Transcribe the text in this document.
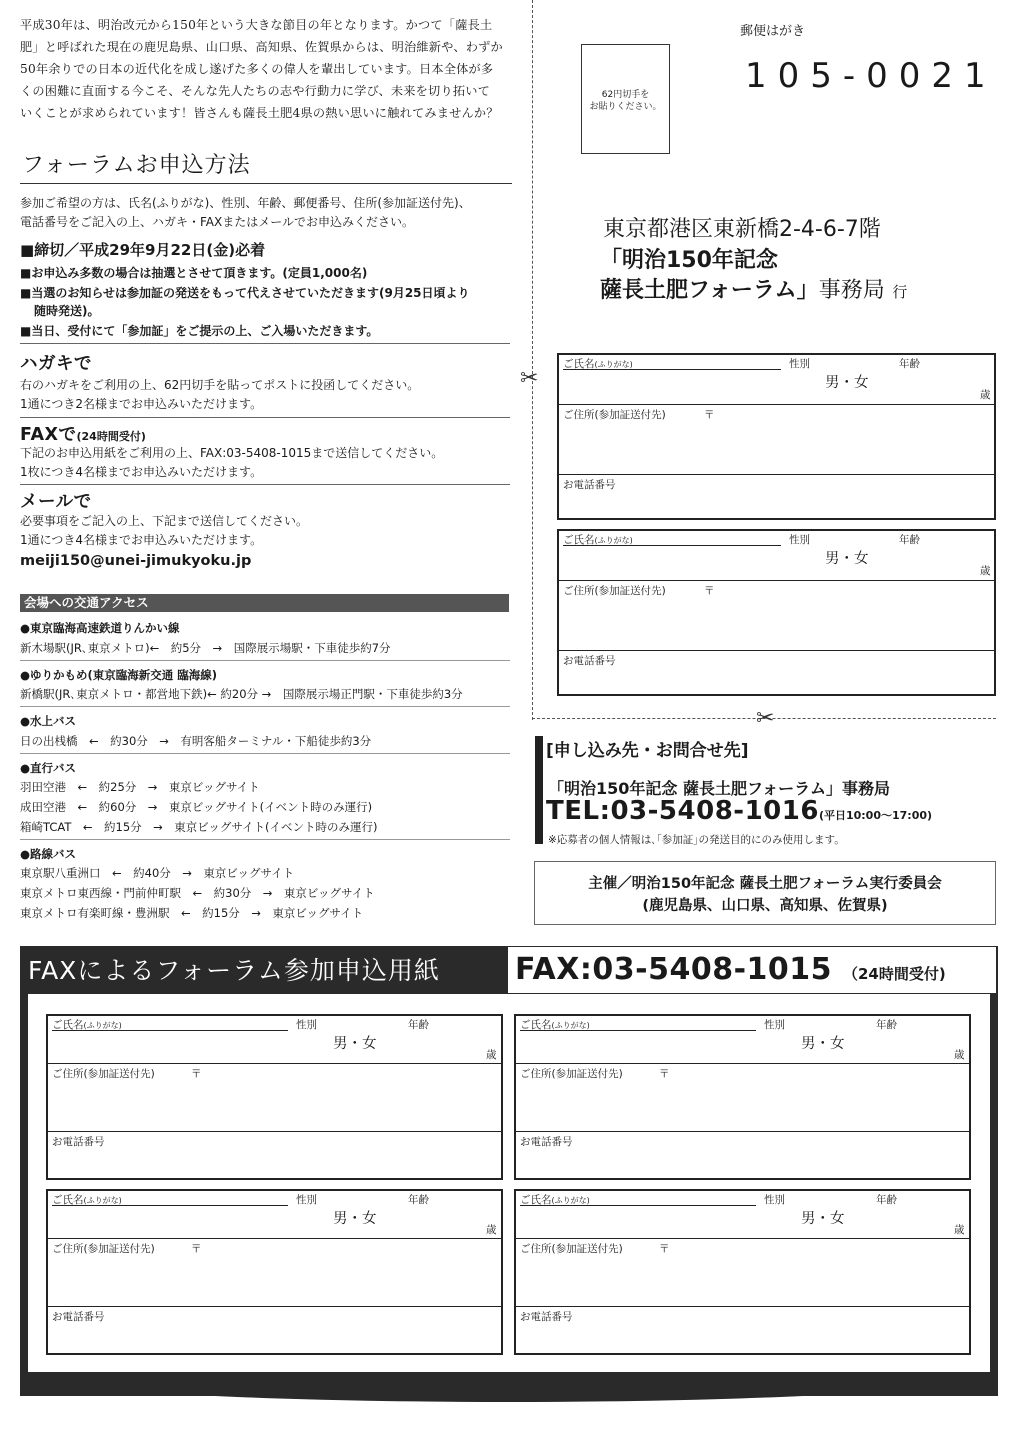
平成30年は、明治改元から150年という大きな節目の年となります。かつて「薩長土
肥」と呼ばれた現在の鹿児島県、山口県、高知県、佐賀県からは、明治維新や、わずか
50年余りでの日本の近代化を成し遂げた多くの偉人を輩出しています。日本全体が多
くの困難に直面する今こそ、そんな先人たちの志や行動力に学び、未来を切り拓いて
いくことが求められています！皆さんも薩長土肥4県の熱い思いに触れてみませんか？
フォーラムお申込方法
参加ご希望の方は、氏名(ふりがな)、性別、年齢、郵便番号、住所(参加証送付先)、
電話番号をご記入の上、ハガキ・FAXまたはメールでお申込みください。
■締切／平成29年9月22日(金)必着
■お申込み多数の場合は抽選とさせて頂きます。(定員1,000名)
■当選のお知らせは参加証の発送をもって代えさせていただきます(9月25日頃より
随時発送)。
■当日、受付にて「参加証」をご提示の上、ご入場いただきます。
ハガキで
右のハガキをご利用の上、62円切手を貼ってポストに投函してください。
1通につき2名様までお申込みいただけます。
FAXで(24時間受付)
下記のお申込用紙をご利用の上、FAX:03-5408-1015まで送信してください。
1枚につき4名様までお申込みいただけます。
メールで
必要事項をご記入の上、下記まで送信してください。
1通につき4名様までお申込みいただけます。
meiji150@unei-jimukyoku.jp
会場への交通アクセス
●東京臨海高速鉄道りんかい線
新木場駅(JR､東京メトロ)←　約5分　→　国際展示場駅・下車徒歩約7分
●ゆりかもめ(東京臨海新交通 臨海線)
新橋駅(JR､東京メトロ・都営地下鉄)← 約20分 →　国際展示場正門駅・下車徒歩約3分
●水上バス
日の出桟橋　←　約30分　→　有明客船ターミナル・下船徒歩約3分
●直行バス
羽田空港　←　約25分　→　東京ビッグサイト
成田空港　←　約60分　→　東京ビッグサイト(イベント時のみ運行)
箱崎TCAT　←　約15分　→　東京ビッグサイト(イベント時のみ運行)
●路線バス
東京駅八重洲口　←　約40分　→　東京ビッグサイト
東京メトロ東西線・門前仲町駅　←　約30分　→　東京ビッグサイト
東京メトロ有楽町線・豊洲駅　←　約15分　→　東京ビッグサイト
✂
✂
62円切手を
お貼りください。
郵便はがき
105-0021
東京都港区東新橋2-4-6-7階
「明治150年記念
薩長土肥フォーラム」事務局 行
ご氏名(ふりがな)	性別	年齢
男・女
歳
ご住所(参加証送付先)	〒
お電話番号
ご氏名(ふりがな)	性別	年齢
男・女
歳
ご住所(参加証送付先)	〒
お電話番号
[申し込み先・お問合せ先]
「明治150年記念 薩長土肥フォーラム」事務局
TEL:03-5408-1016(平日10:00〜17:00)
※応募者の個人情報は､｢参加証｣の発送目的にのみ使用します。
主催／明治150年記念 薩長土肥フォーラム実行委員会
(鹿児島県、山口県、高知県、佐賀県)
FAXによるフォーラム参加申込用紙	FAX:03-5408-1015 （24時間受付)
ご氏名(ふりがな)	性別	年齢
男・女
歳
ご住所(参加証送付先)	〒
お電話番号
ご氏名(ふりがな)	性別	年齢
男・女
歳
ご住所(参加証送付先)	〒
お電話番号
ご氏名(ふりがな)	性別	年齢
男・女
歳
ご住所(参加証送付先)	〒
お電話番号
ご氏名(ふりがな)	性別	年齢
男・女
歳
ご住所(参加証送付先)	〒
お電話番号
